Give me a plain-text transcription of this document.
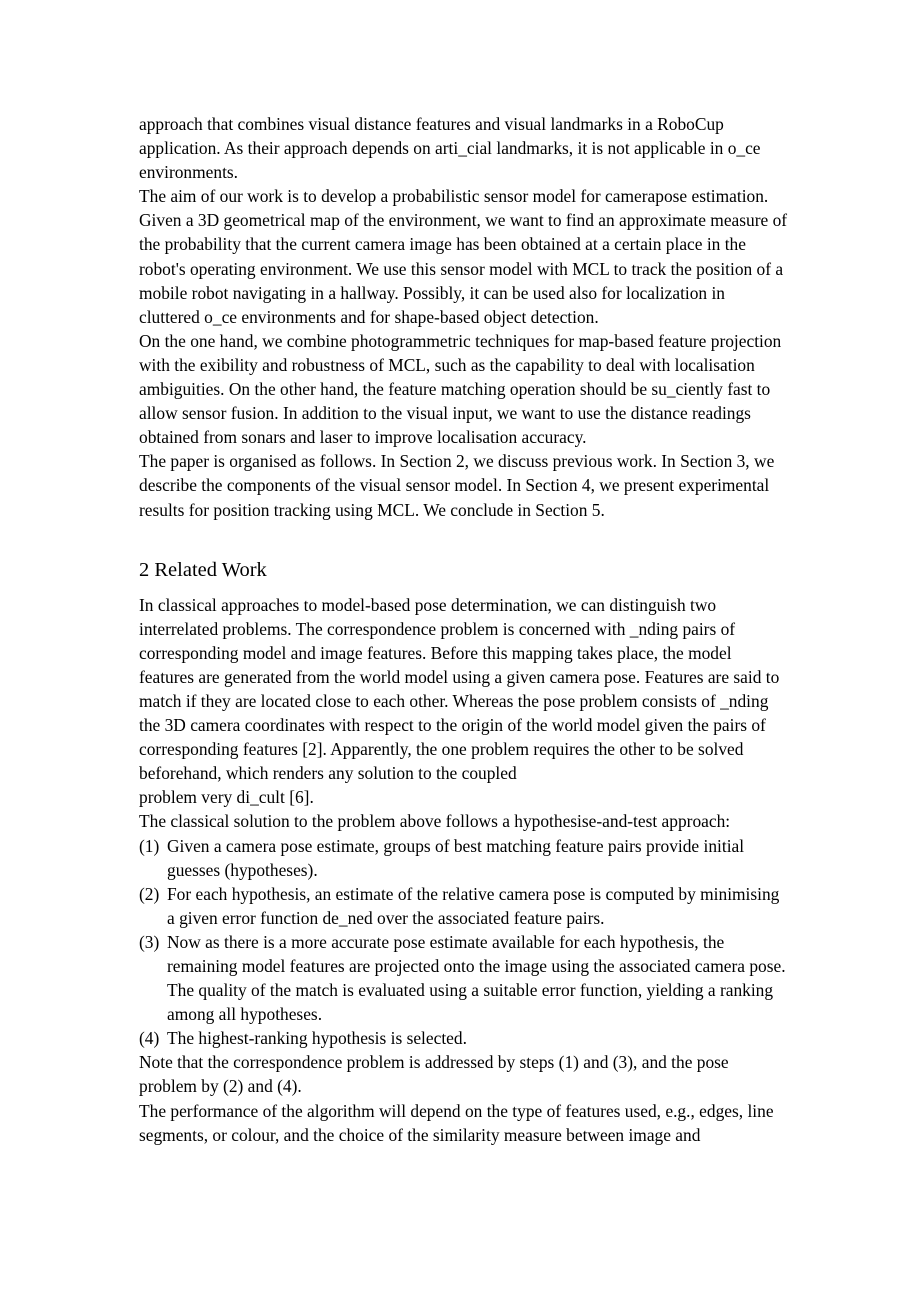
approach that combines visual distance features and visual landmarks in a RoboCup application. As their approach depends on arti_cial landmarks, it is not applicable in o_ce environments.

The aim of our work is to develop a probabilistic sensor model for camerapose estimation. Given a 3D geometrical map of the environment, we want to find an approximate measure of the probability that the current camera image has been obtained at a certain place in the robot's operating environment. We use this sensor model with MCL to track the position of a mobile robot navigating in a hallway. Possibly, it can be used also for localization in cluttered o_ce environments and for shape-based object detection.

On the one hand, we combine photogrammetric techniques for map-based feature projection with the exibility and robustness of MCL, such as the capability to deal with localisation ambiguities. On the other hand, the feature matching operation should be su_ciently fast to allow sensor fusion. In addition to the visual input, we want to use the distance readings obtained from sonars and laser to improve localisation accuracy.

The paper is organised as follows. In Section 2, we discuss previous work. In Section 3, we describe the components of the visual sensor model. In Section 4, we present experimental results for position tracking using MCL. We conclude in Section 5.

2 Related Work

In classical approaches to model-based pose determination, we can distinguish two interrelated problems. The correspondence problem is concerned with _nding pairs of corresponding model and image features. Before this mapping takes place, the model features are generated from the world model using a given camera pose. Features are said to match if they are located close to each other. Whereas the pose problem consists of _nding the 3D camera coordinates with respect to the origin of the world model given the pairs of corresponding features [2]. Apparently, the one problem requires the other to be solved beforehand, which renders any solution to the coupled

problem very di_cult [6].

The classical solution to the problem above follows a hypothesise-and-test approach:

(1) Given a camera pose estimate, groups of best matching feature pairs provide initial guesses (hypotheses).
(2) For each hypothesis, an estimate of the relative camera pose is computed by minimising a given error function de_ned over the associated feature pairs.
(3) Now as there is a more accurate pose estimate available for each hypothesis, the remaining model features are projected onto the image using the associated camera pose. The quality of the match is evaluated using a suitable error function, yielding a ranking among all hypotheses.
(4) The highest-ranking hypothesis is selected.

Note that the correspondence problem is addressed by steps (1) and (3), and the pose problem by (2) and (4).

The performance of the algorithm will depend on the type of features used, e.g., edges, line segments, or colour, and the choice of the similarity measure between image and
